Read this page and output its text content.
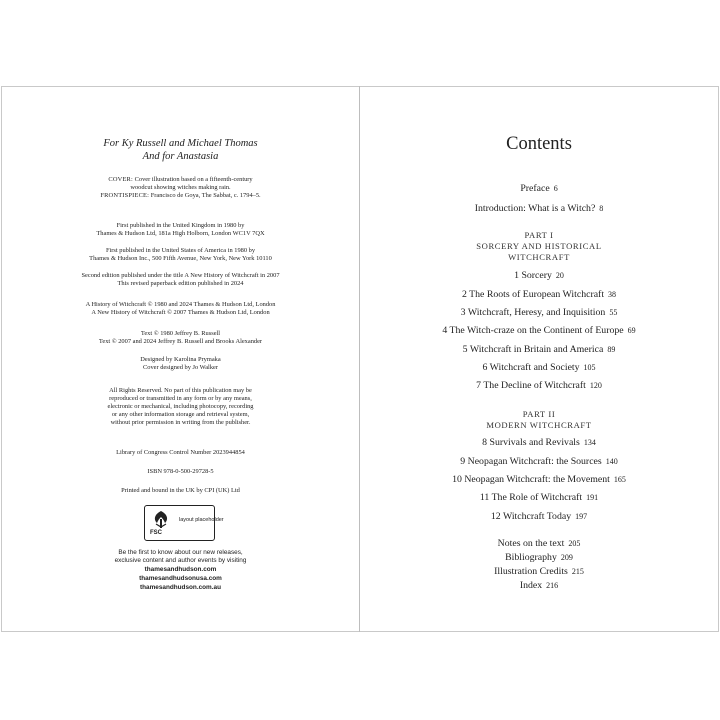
For Ky Russell and Michael Thomas
And for Anastasia
COVER: Cover illustration based on a fifteenth-century
woodcut showing witches making rain.
FRONTISPIECE: Francisco de Goya, The Sabbat, c. 1794–5.
First published in the United Kingdom in 1980 by
Thames & Hudson Ltd, 181a High Holborn, London WC1V 7QX
First published in the United States of America in 1980 by
Thames & Hudson Inc., 500 Fifth Avenue, New York, New York 10110
Second edition published under the title A New History of Witchcraft in 2007
This revised paperback edition published in 2024
A History of Witchcraft © 1980 and 2024 Thames & Hudson Ltd, London
A New History of Witchcraft © 2007 Thames & Hudson Ltd, London
Text © 1980 Jeffrey B. Russell
Text © 2007 and 2024 Jeffrey B. Russell and Brooks Alexander
Designed by Karolina Prymaka
Cover designed by Jo Walker
All Rights Reserved. No part of this publication may be
reproduced or transmitted in any form or by any means,
electronic or mechanical, including photocopy, recording
or any other information storage and retrieval system,
without prior permission in writing from the publisher.
Library of Congress Control Number 2023944854
ISBN 978-0-500-29728-5
Printed and bound in the UK by CPI (UK) Ltd
FSC
layout placeholder
Be the first to know about our new releases,
exclusive content and author events by visiting
thamesandhudson.com
thamesandhudsonusa.com
thamesandhudson.com.au
Contents
Preface 6
Introduction: What is a Witch? 8
PART I
SORCERY AND HISTORICAL
WITCHCRAFT
1 Sorcery 20
2 The Roots of European Witchcraft 38
3 Witchcraft, Heresy, and Inquisition 55
4 The Witch-craze on the Continent of Europe 69
5 Witchcraft in Britain and America 89
6 Witchcraft and Society 105
7 The Decline of Witchcraft 120
PART II
MODERN WITCHCRAFT
8 Survivals and Revivals 134
9 Neopagan Witchcraft: the Sources 140
10 Neopagan Witchcraft: the Movement 165
11 The Role of Witchcraft 191
12 Witchcraft Today 197
Notes on the text 205
Bibliography 209
Illustration Credits 215
Index 216
